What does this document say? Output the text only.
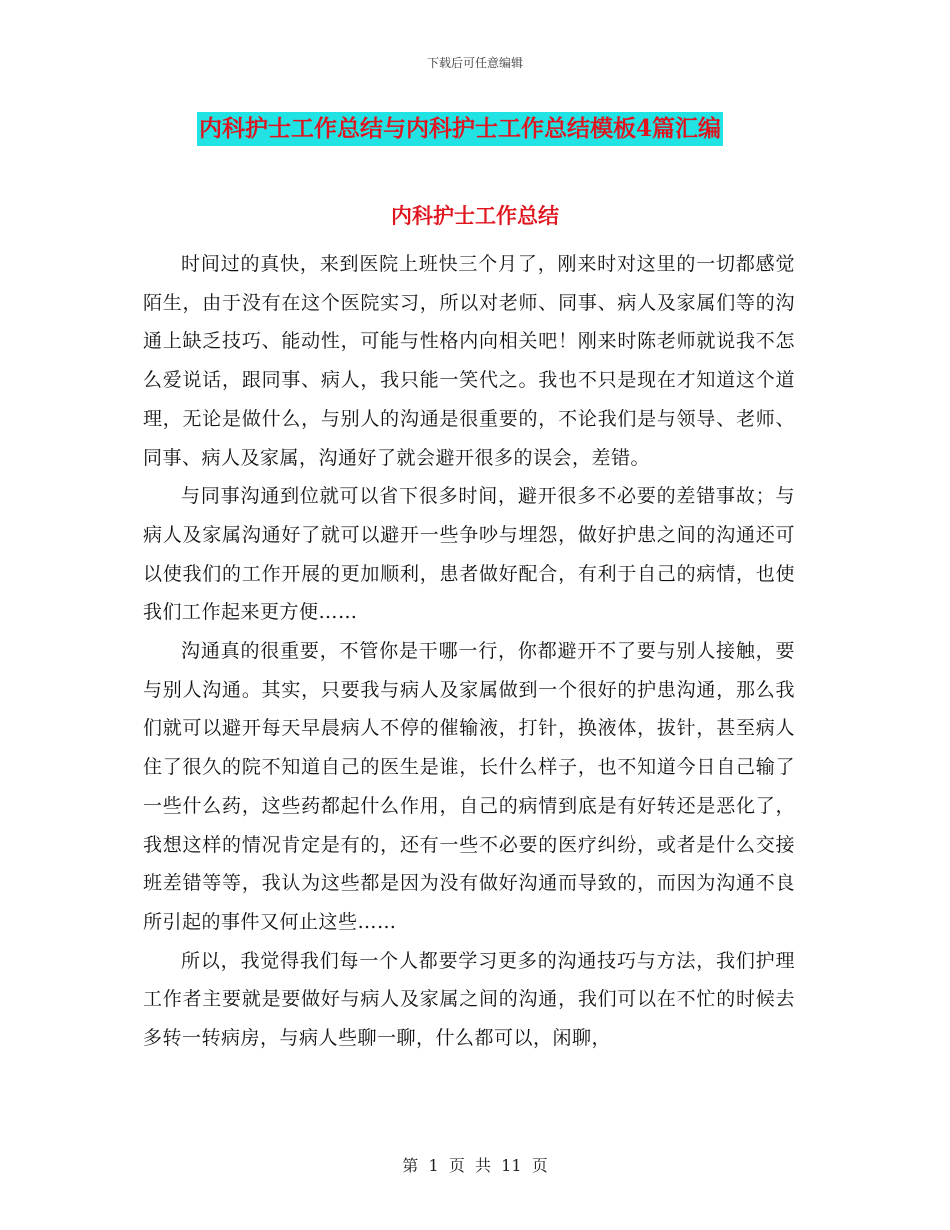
下载后可任意编辑
内科护士工作总结与内科护士工作总结模板4篇汇编
内科护士工作总结

时间过的真快，来到医院上班快三个月了，刚来时对这里的一切都感觉陌生，由于没有在这个医院实习，所以对老师、同事、病人及家属们等的沟通上缺乏技巧、能动性，可能与性格内向相关吧！刚来时陈老师就说我不怎么爱说话，跟同事、病人，我只能一笑代之。我也不只是现在才知道这个道理，无论是做什么，与别人的沟通是很重要的，不论我们是与领导、老师、同事、病人及家属，沟通好了就会避开很多的误会，差错。

与同事沟通到位就可以省下很多时间，避开很多不必要的差错事故；与病人及家属沟通好了就可以避开一些争吵与埋怨，做好护患之间的沟通还可以使我们的工作开展的更加顺利，患者做好配合，有利于自己的病情，也使我们工作起来更方便……

沟通真的很重要，不管你是干哪一行，你都避开不了要与别人接触，要与别人沟通。其实，只要我与病人及家属做到一个很好的护患沟通，那么我们就可以避开每天早晨病人不停的催输液，打针，换液体，拔针，甚至病人住了很久的院不知道自己的医生是谁，长什么样子，也不知道今日自己输了一些什么药，这些药都起什么作用，自己的病情到底是有好转还是恶化了，我想这样的情况肯定是有的，还有一些不必要的医疗纠纷，或者是什么交接班差错等等，我认为这些都是因为没有做好沟通而导致的，而因为沟通不良所引起的事件又何止这些……

所以，我觉得我们每一个人都要学习更多的沟通技巧与方法，我们护理工作者主要就是要做好与病人及家属之间的沟通，我们可以在不忙的时候去多转一转病房，与病人些聊一聊，什么都可以，闲聊，

第  1  页  共  11  页
